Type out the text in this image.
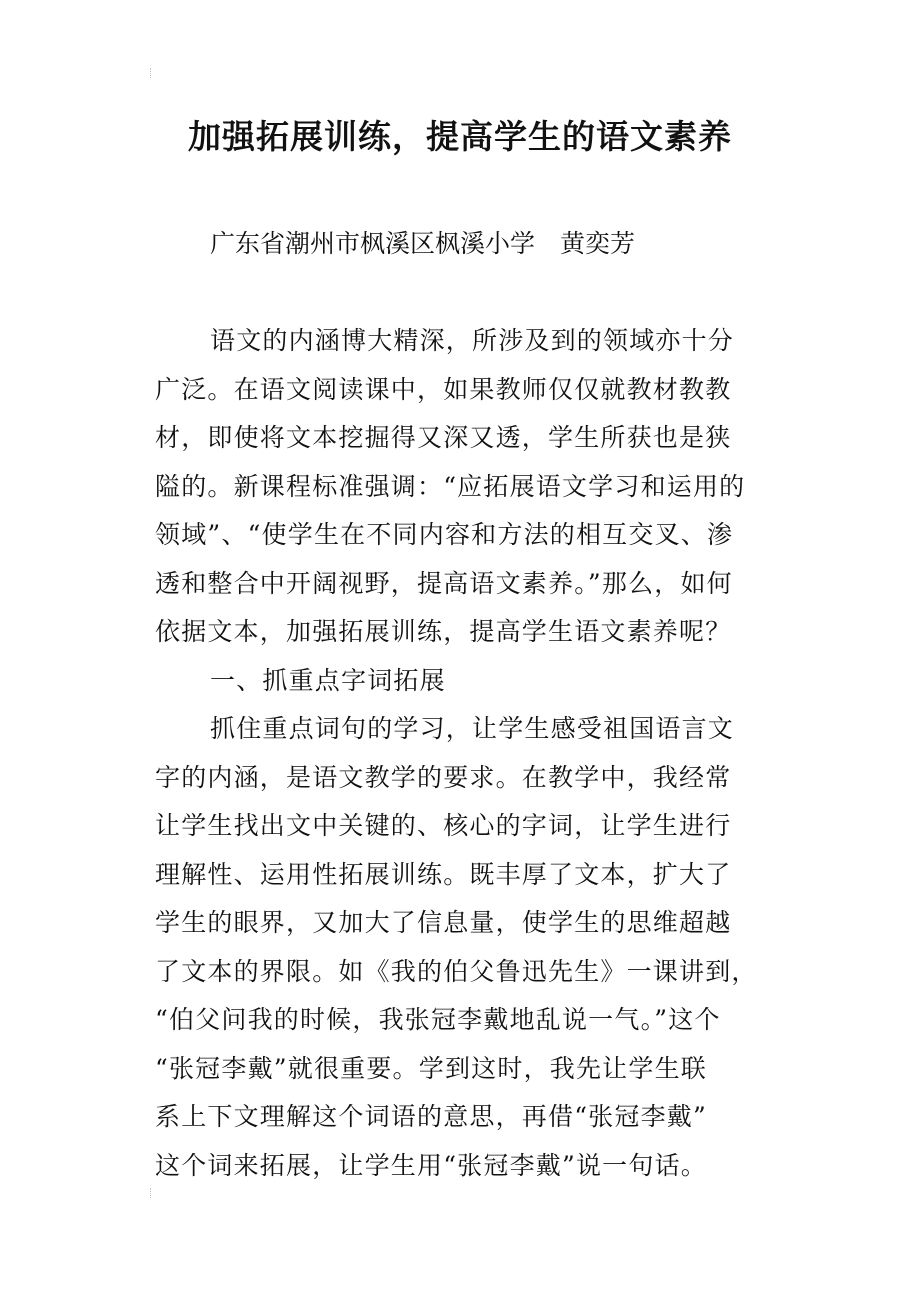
加强拓展训练，提高学生的语文素养

广东省潮州市枫溪区枫溪小学　黄奕芳

语文的内涵博大精深，所涉及到的领域亦十分
广泛。在语文阅读课中，如果教师仅仅就教材教教
材，即使将文本挖掘得又深又透，学生所获也是狭
隘的。新课程标准强调：“应拓展语文学习和运用的
领域”、“使学生在不同内容和方法的相互交叉、渗
透和整合中开阔视野，提高语文素养。”那么，如何
依据文本，加强拓展训练，提高学生语文素养呢？
一、抓重点字词拓展
抓住重点词句的学习，让学生感受祖国语言文
字的内涵，是语文教学的要求。在教学中，我经常
让学生找出文中关键的、核心的字词，让学生进行
理解性、运用性拓展训练。既丰厚了文本，扩大了
学生的眼界，又加大了信息量，使学生的思维超越
了文本的界限。如《我的伯父鲁迅先生》一课讲到，
“伯父问我的时候，我张冠李戴地乱说一气。”这个
“张冠李戴”就很重要。学到这时，我先让学生联
系上下文理解这个词语的意思，再借“张冠李戴”
这个词来拓展，让学生用“张冠李戴”说一句话。
